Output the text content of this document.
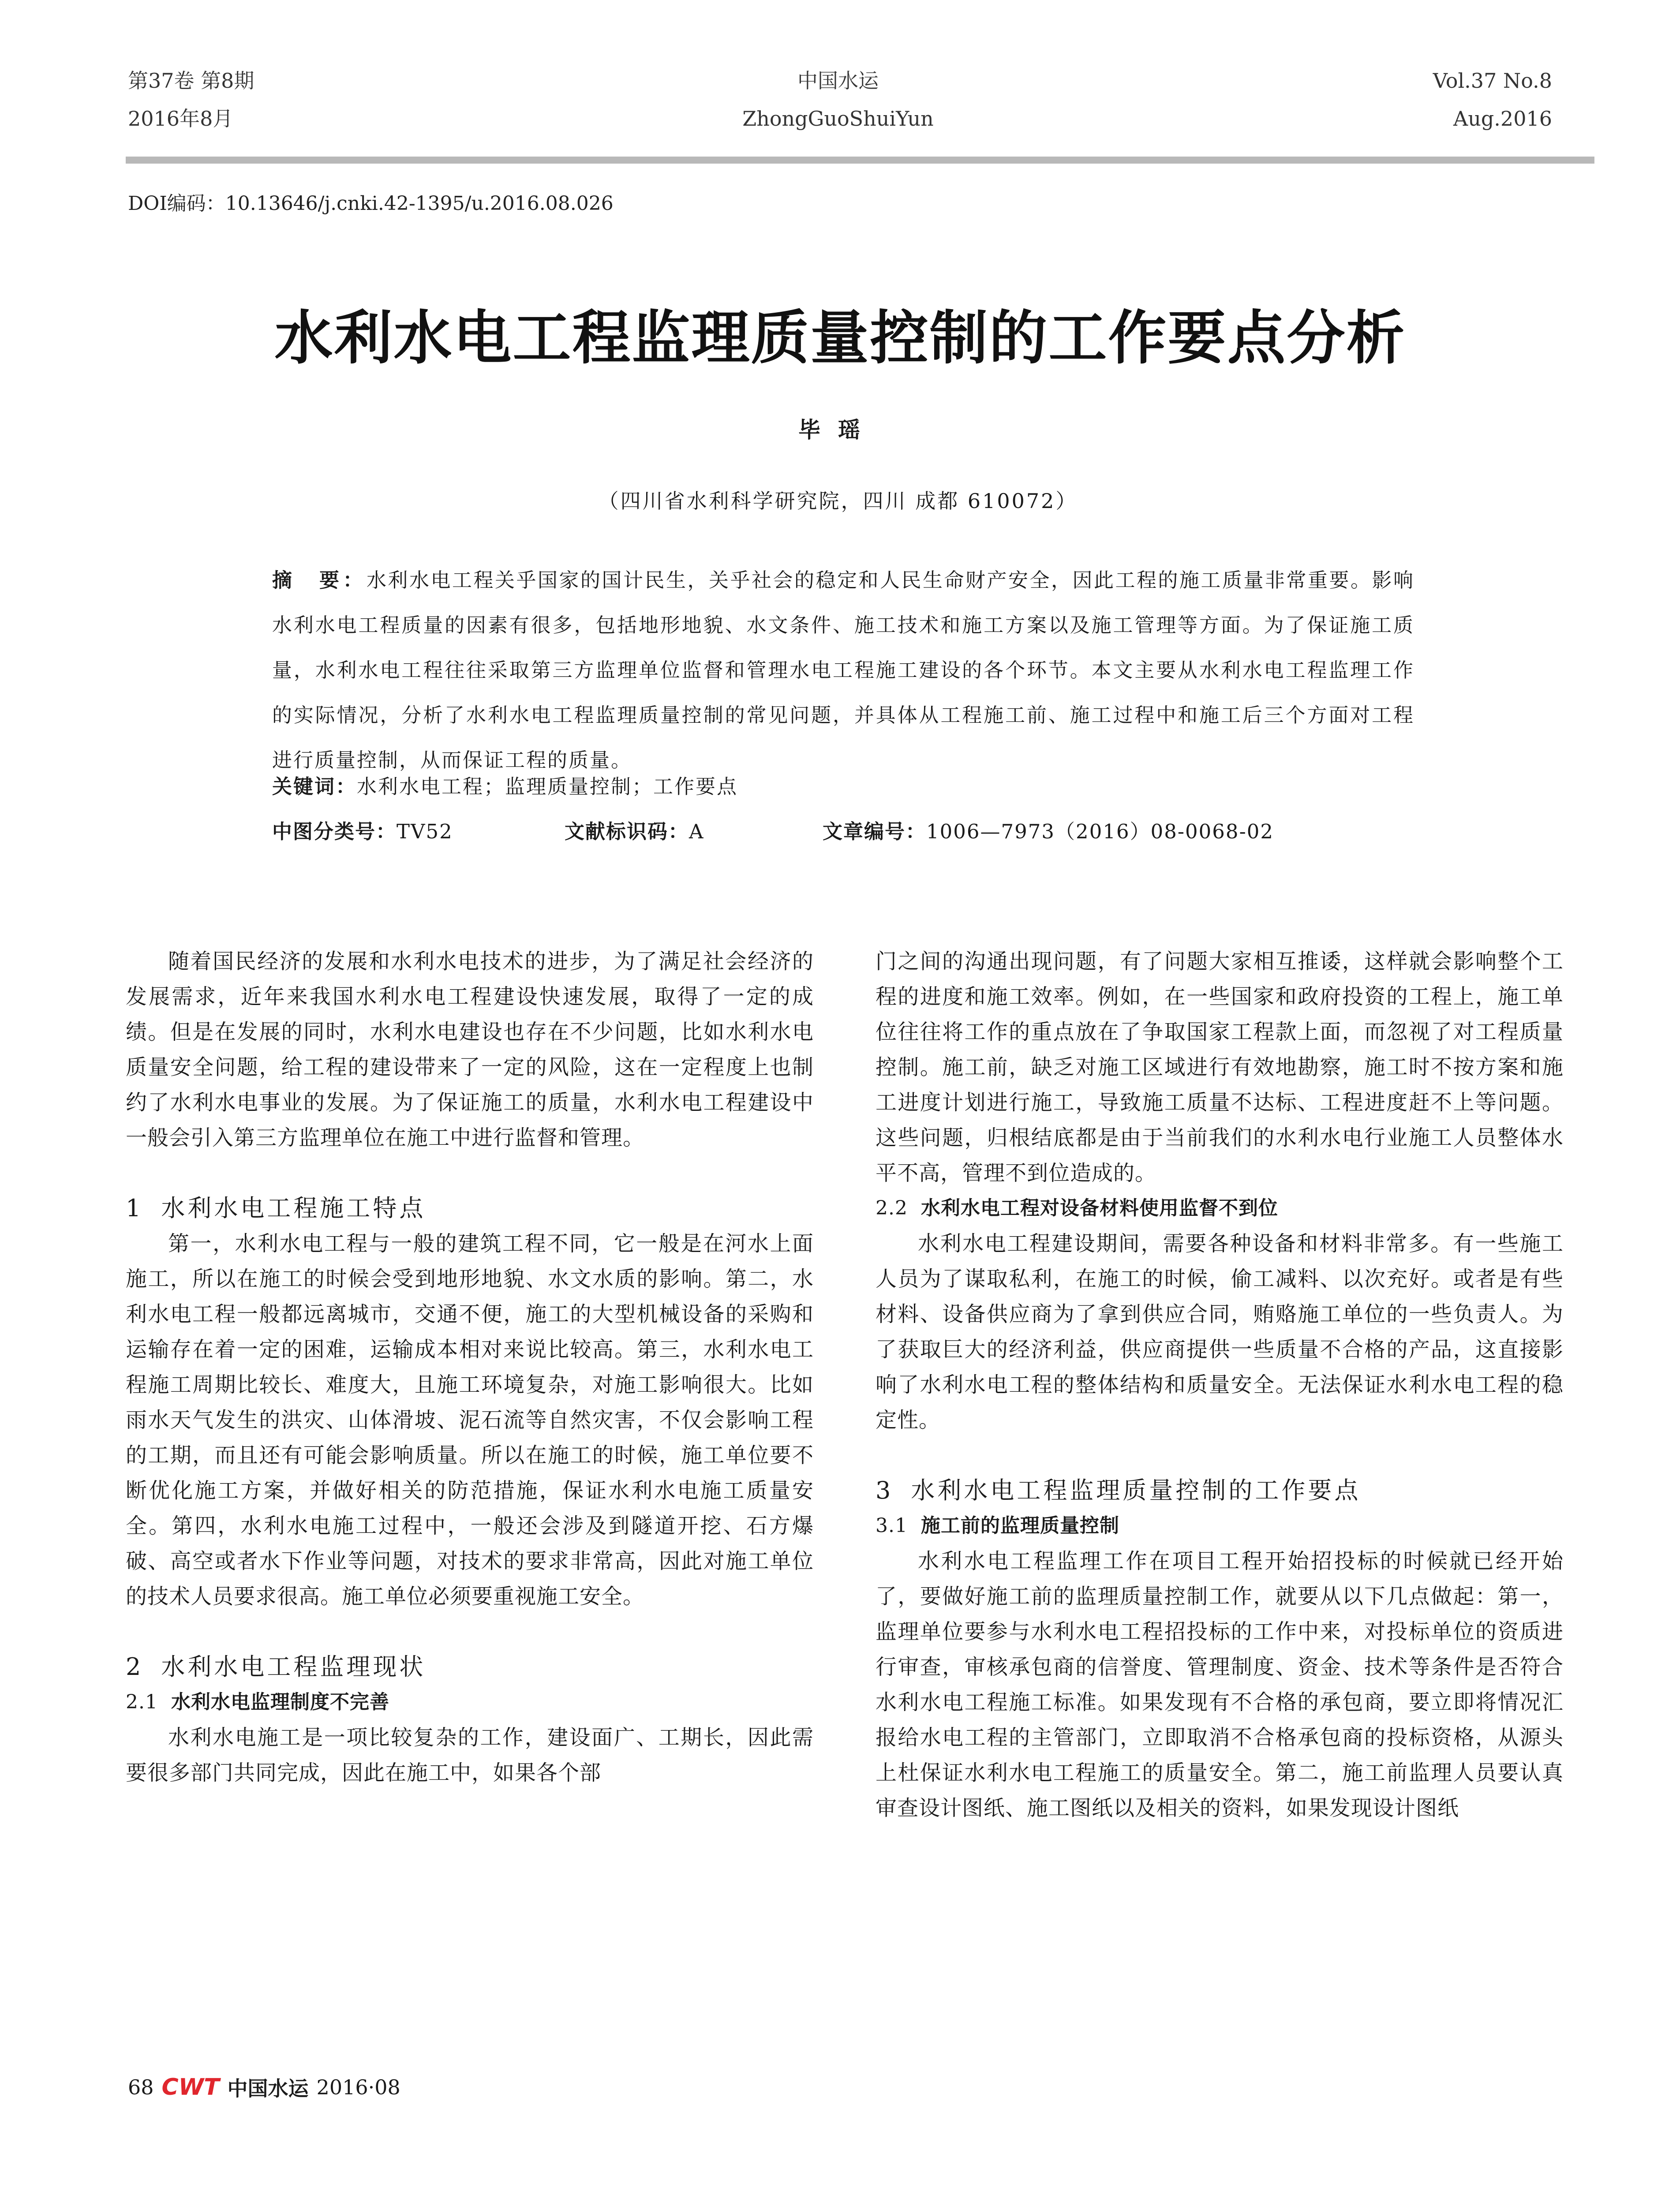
第37卷 第8期
2016年8月
中国水运
ZhongGuoShuiYun
Vol.37 No.8
Aug.2016
DOI编码：10.13646/j.cnki.42-1395/u.2016.08.026
水利水电工程监理质量控制的工作要点分析
毕瑶
（四川省水利科学研究院，四川 成都 610072）
摘　要：水利水电工程关乎国家的国计民生，关乎社会的稳定和人民生命财产安全，因此工程的施工质量非常重要。影响水利水电工程质量的因素有很多，包括地形地貌、水文条件、施工技术和施工方案以及施工管理等方面。为了保证施工质量，水利水电工程往往采取第三方监理单位监督和管理水电工程施工建设的各个环节。本文主要从水利水电工程监理工作的实际情况，分析了水利水电工程监理质量控制的常见问题，并具体从工程施工前、施工过程中和施工后三个方面对工程进行质量控制，从而保证工程的质量。
关键词：水利水电工程；监理质量控制；工作要点
中图分类号：TV52	文献标识码：A	文章编号：1006—7973（2016）08-0068-02

随着国民经济的发展和水利水电技术的进步，为了满足社会经济的发展需求，近年来我国水利水电工程建设快速发展，取得了一定的成绩。但是在发展的同时，水利水电建设也存在不少问题，比如水利水电质量安全问题，给工程的建设带来了一定的风险，这在一定程度上也制约了水利水电事业的发展。为了保证施工的质量，水利水电工程建设中一般会引入第三方监理单位在施工中进行监督和管理。

1 水利水电工程施工特点

第一，水利水电工程与一般的建筑工程不同，它一般是在河水上面施工，所以在施工的时候会受到地形地貌、水文水质的影响。第二，水利水电工程一般都远离城市，交通不便，施工的大型机械设备的采购和运输存在着一定的困难，运输成本相对来说比较高。第三，水利水电工程施工周期比较长、难度大，且施工环境复杂，对施工影响很大。比如雨水天气发生的洪灾、山体滑坡、泥石流等自然灾害，不仅会影响工程的工期，而且还有可能会影响质量。所以在施工的时候，施工单位要不断优化施工方案，并做好相关的防范措施，保证水利水电施工质量安全。第四，水利水电施工过程中，一般还会涉及到隧道开挖、石方爆破、高空或者水下作业等问题，对技术的要求非常高，因此对施工单位的技术人员要求很高。施工单位必须要重视施工安全。

2 水利水电工程监理现状
2.1 水利水电监理制度不完善

水利水电施工是一项比较复杂的工作，建设面广、工期长，因此需要很多部门共同完成，因此在施工中，如果各个部

门之间的沟通出现问题，有了问题大家相互推诿，这样就会影响整个工程的进度和施工效率。例如，在一些国家和政府投资的工程上，施工单位往往将工作的重点放在了争取国家工程款上面，而忽视了对工程质量控制。施工前，缺乏对施工区域进行有效地勘察，施工时不按方案和施工进度计划进行施工，导致施工质量不达标、工程进度赶不上等问题。这些问题，归根结底都是由于当前我们的水利水电行业施工人员整体水平不高，管理不到位造成的。

2.2 水利水电工程对设备材料使用监督不到位

水利水电工程建设期间，需要各种设备和材料非常多。有一些施工人员为了谋取私利，在施工的时候，偷工减料、以次充好。或者是有些材料、设备供应商为了拿到供应合同，贿赂施工单位的一些负责人。为了获取巨大的经济利益，供应商提供一些质量不合格的产品，这直接影响了水利水电工程的整体结构和质量安全。无法保证水利水电工程的稳定性。

3 水利水电工程监理质量控制的工作要点
3.1 施工前的监理质量控制

水利水电工程监理工作在项目工程开始招投标的时候就已经开始了，要做好施工前的监理质量控制工作，就要从以下几点做起：第一，监理单位要参与水利水电工程招投标的工作中来，对投标单位的资质进行审查，审核承包商的信誉度、管理制度、资金、技术等条件是否符合水利水电工程施工标准。如果发现有不合格的承包商，要立即将情况汇报给水电工程的主管部门，立即取消不合格承包商的投标资格，从源头上杜保证水利水电工程施工的质量安全。第二，施工前监理人员要认真审查设计图纸、施工图纸以及相关的资料，如果发现设计图纸

68 CWT 中国水运 2016·08
